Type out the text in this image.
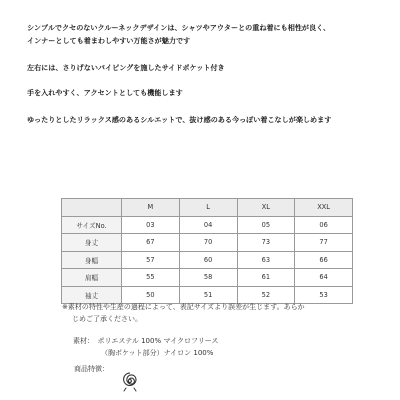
シンプルでクセのないクルーネックデザインは、シャツやアウターとの重ね着にも相性が良く、

インナーとしても着まわしやすい万能さが魅力です

左右には、さりげないパイピングを施したサイドポケット付き

手を入れやすく、アクセントとしても機能します

ゆったりとしたリラックス感のあるシルエットで、抜け感のある今っぽい着こなしが楽しめます

	M	L	XL	XXL
サイズNo.	03	04	05	06
身丈	67	70	73	77
身幅	57	60	63	66
肩幅	55	58	61	64
袖丈	50	51	52	53
※素材の特性や生産の過程によって、表記サイズより誤差が生じます。あらか
じめご了承ください。
素材：　ポリエステル 100% マイクロフリース
（胸ポケット部分）ナイロン 100%
商品特徴：
